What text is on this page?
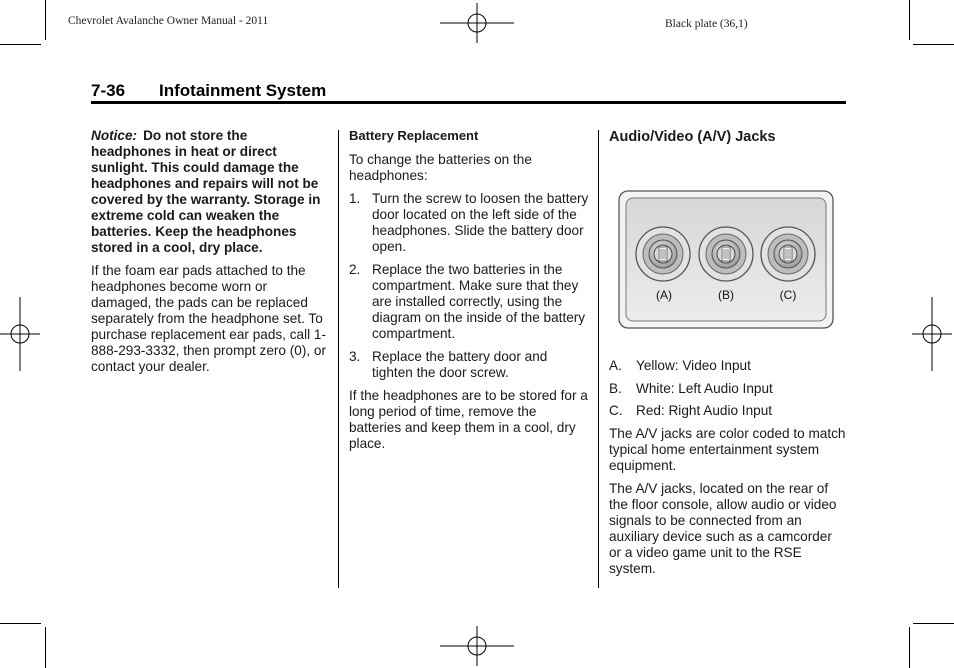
Chevrolet Avalanche Owner Manual - 2011	Black plate (36,1)
7-36 Infotainment System

Notice: Do not store the headphones in heat or direct sunlight. This could damage the headphones and repairs will not be covered by the warranty. Storage in extreme cold can weaken the batteries. Keep the headphones stored in a cool, dry place.

If the foam ear pads attached to the headphones become worn or damaged, the pads can be replaced separately from the headphone set. To purchase replacement ear pads, call 1-888-293-3332, then prompt zero (0), or contact your dealer.

Battery Replacement

To change the batteries on the headphones:

1. Turn the screw to loosen the battery door located on the left side of the headphones. Slide the battery door open.
2. Replace the two batteries in the compartment. Make sure that they are installed correctly, using the diagram on the inside of the battery compartment.
3. Replace the battery door and tighten the door screw.

If the headphones are to be stored for a long period of time, remove the batteries and keep them in a cool, dry place.

Audio/Video (A/V) Jacks
(A)	(B)	(C)
A. Yellow: Video Input
B. White: Left Audio Input
C. Red: Right Audio Input

The A/V jacks are color coded to match typical home entertainment system equipment.

The A/V jacks, located on the rear of the floor console, allow audio or video signals to be connected from an auxiliary device such as a camcorder or a video game unit to the RSE system.
